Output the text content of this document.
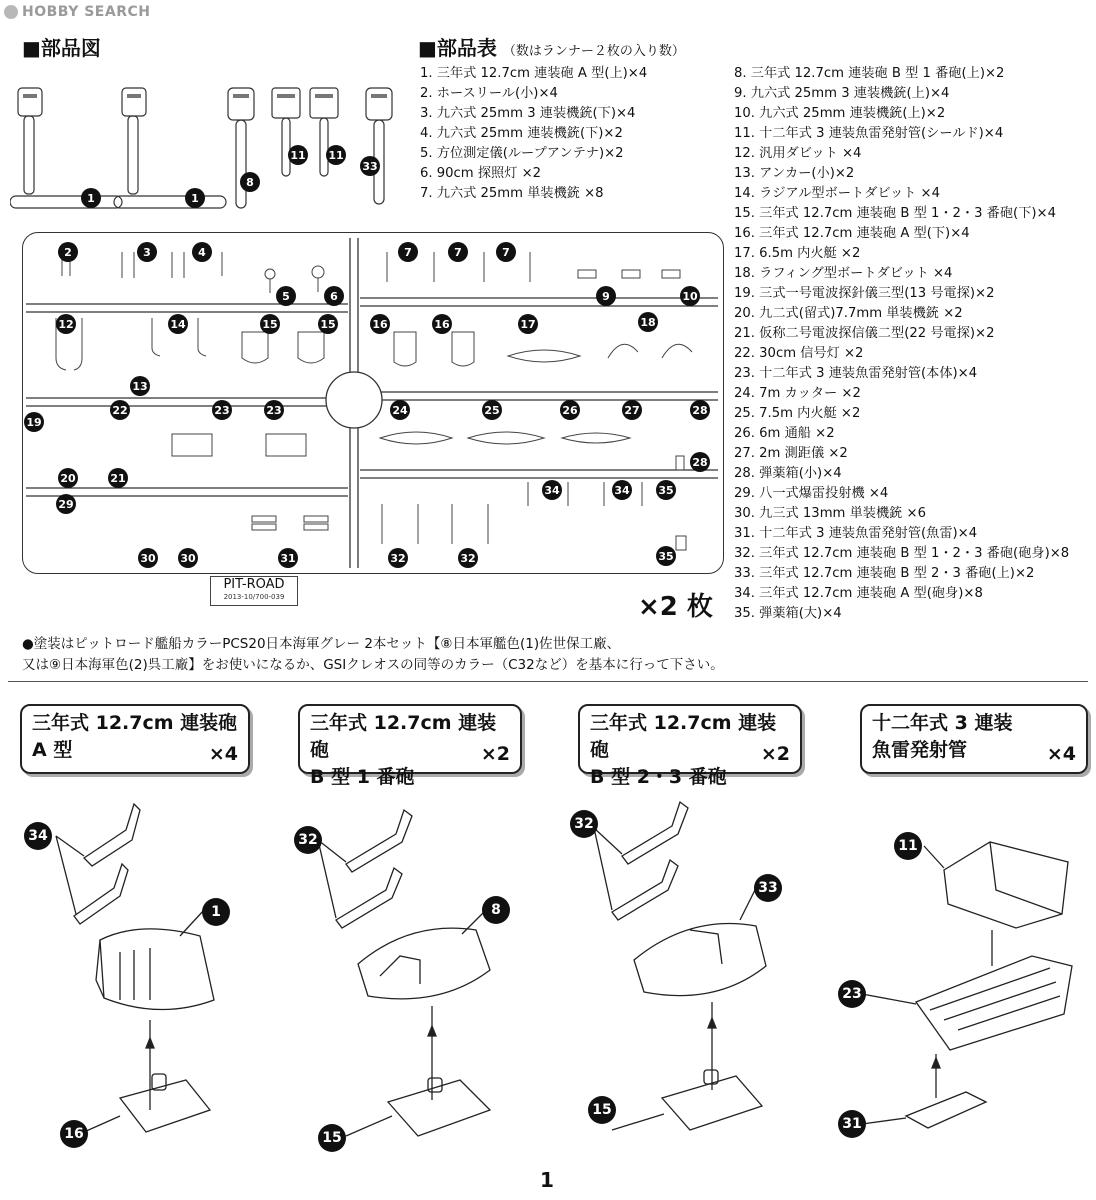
HOBBY SEARCH
■部品図	■部品表 （数はランナー２枚の入り数）
1. 三年式 12.7cm 連装砲 A 型(上)×4
2. ホースリール(小)×4
3. 九六式 25mm 3 連装機銃(下)×4
4. 九六式 25mm 連装機銃(下)×2
5. 方位測定儀(ループアンテナ)×2
6. 90cm 探照灯 ×2
7. 九六式 25mm 単装機銃 ×8
8. 三年式 12.7cm 連装砲 B 型 1 番砲(上)×2
9. 九六式 25mm 3 連装機銃(上)×4
10. 九六式 25mm 連装機銃(上)×2
11. 十二年式 3 連装魚雷発射管(シールド)×4
12. 汎用ダビット ×4
13. アンカー(小)×2
14. ラジアル型ボートダビット ×4
15. 三年式 12.7cm 連装砲 B 型 1・2・3 番砲(下)×4
16. 三年式 12.7cm 連装砲 A 型(下)×4
17. 6.5m 内火艇 ×2
18. ラフィング型ボートダビット ×4
19. 三式一号電波探針儀三型(13 号電探)×2
20. 九二式(留式)7.7mm 単装機銃 ×2
21. 仮称二号電波探信儀二型(22 号電探)×2
22. 30cm 信号灯 ×2
23. 十二年式 3 連装魚雷発射管(本体)×4
24. 7m カッター ×2
25. 7.5m 内火艇 ×2
26. 6m 通船 ×2
27. 2m 測距儀 ×2
28. 弾薬箱(小)×4
29. 八一式爆雷投射機 ×4
30. 九三式 13mm 単装機銃 ×6
31. 十二年式 3 連装魚雷発射管(魚雷)×4
32. 三年式 12.7cm 連装砲 B 型 1・2・3 番砲(砲身)×8
33. 三年式 12.7cm 連装砲 B 型 2・3 番砲(上)×2
34. 三年式 12.7cm 連装砲 A 型(砲身)×8
35. 弾薬箱(大)×4
1	1
8
11 11
33
2	3	4
5	6
7	7	7
9	10
12
13
14	15	15	16	16	17	18
19
20	21
22	23	23	24	25	26	27	28
28
29
30 30	31	32	32
34	34	35
35
PIT-ROAD
2013-10/700-039	×2 枚
●塗装はピットロード艦船カラーPCS20日本海軍グレー 2本セット【⑧日本軍艦色(1)佐世保工廠、
又は⑨日本海軍色(2)呉工廠】をお使いになるか、GSIクレオスの同等のカラー（C32など）を基本に行って下さい。
三年式 12.7cm 連装砲
A 型	×4
三年式 12.7cm 連装砲
B 型 1 番砲
×2
三年式 12.7cm 連装砲
B 型 2・3 番砲
×2
十二年式 3 連装
魚雷発射管	×4
34
1
16
32
8
15
32
33
15
11
23
31
1
